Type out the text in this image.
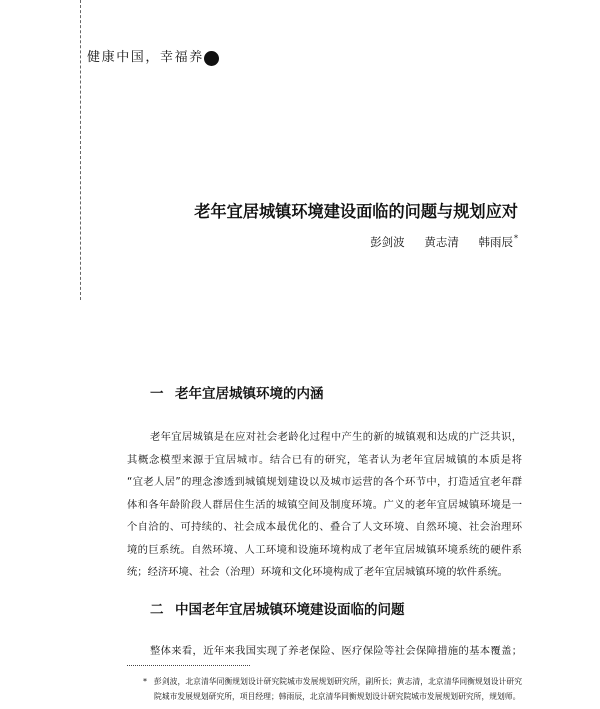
健康中国，幸福养
老年宜居城镇环境建设面临的问题与规划应对
彭剑波 黄志清 韩雨辰*
一 老年宜居城镇环境的内涵
老年宜居城镇是在应对社会老龄化过程中产生的新的城镇观和达成的广泛共识，
其概念模型来源于宜居城市。结合已有的研究，笔者认为老年宜居城镇的本质是将
“宜老人居”的理念渗透到城镇规划建设以及城市运营的各个环节中，打造适宜老年群
体和各年龄阶段人群居住生活的城镇空间及制度环境。广义的老年宜居城镇环境是一
个自洽的、可持续的、社会成本最优化的、叠合了人文环境、自然环境、社会治理环
境的巨系统。自然环境、人工环境和设施环境构成了老年宜居城镇环境系统的硬件系
统；经济环境、社会（治理）环境和文化环境构成了老年宜居城镇环境的软件系统。
二 中国老年宜居城镇环境建设面临的问题
整体来看，近年来我国实现了养老保险、医疗保险等社会保障措施的基本覆盖；
* 彭剑波，北京清华同衡规划设计研究院城市发展规划研究所，副所长；黄志清，北京清华同衡规划设计研究
院城市发展规划研究所，项目经理；韩雨辰，北京清华同衡规划设计研究院城市发展规划研究所，规划师。
